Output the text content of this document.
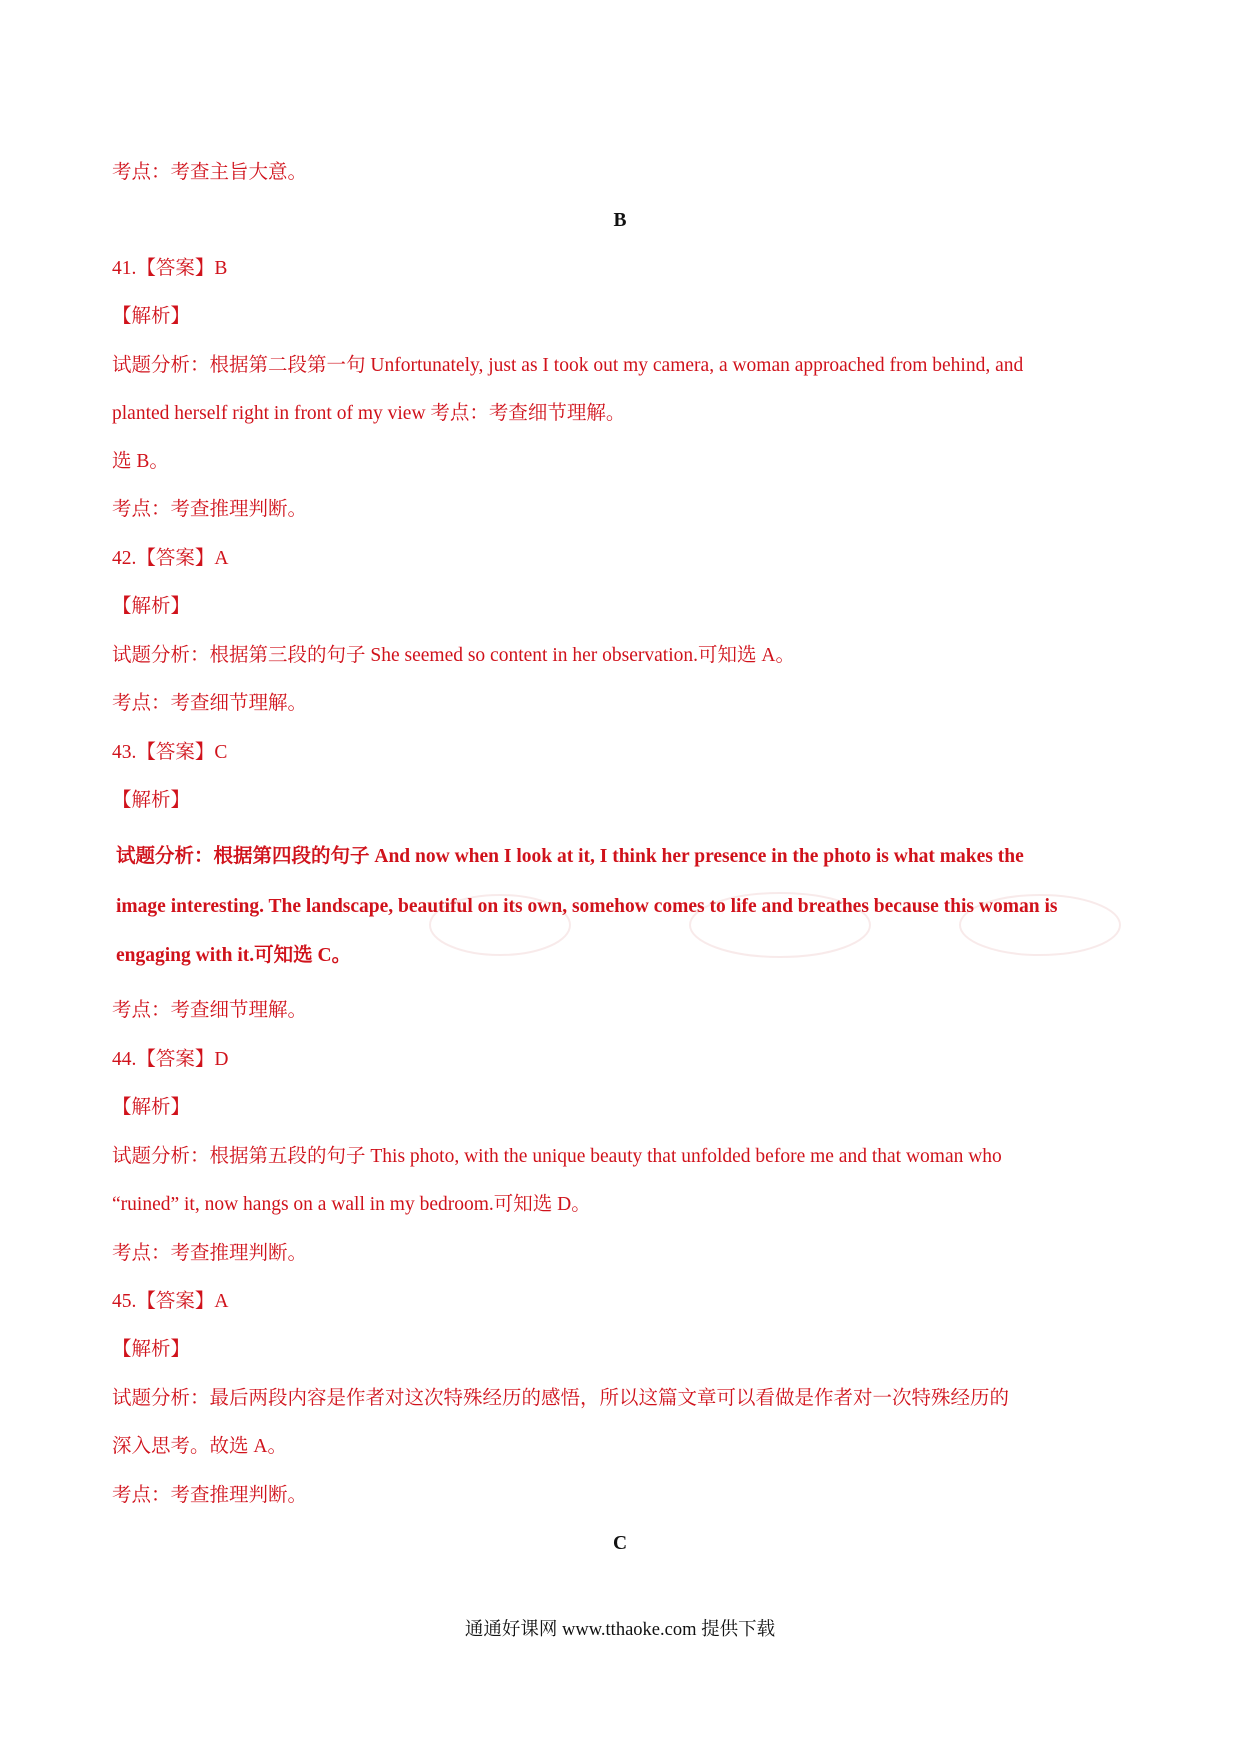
考点：考查主旨大意。
B
41.【答案】B
【解析】
试题分析：根据第二段第一句 Unfortunately, just as I took out my camera, a woman approached from behind, and
planted herself right in front of my view 考点：考查细节理解。
选 B。
考点：考查推理判断。
42.【答案】A
【解析】
试题分析：根据第三段的句子 She seemed so content in her observation.可知选 A。
考点：考查细节理解。
43.【答案】C
【解析】
试题分析：根据第四段的句子 And now when I look at it, I think her presence in the photo is what makes the
image interesting. The landscape, beautiful on its own, somehow comes to life and breathes because this woman is
engaging with it.可知选 C。
考点：考查细节理解。
44.【答案】D
【解析】
试题分析：根据第五段的句子 This photo, with the unique beauty that unfolded before me and that woman who
“ruined” it, now hangs on a wall in my bedroom.可知选 D。
考点：考查推理判断。
45.【答案】A
【解析】
试题分析：最后两段内容是作者对这次特殊经历的感悟，所以这篇文章可以看做是作者对一次特殊经历的
深入思考。故选 A。
考点：考查推理判断。
C
通通好课网 www.tthaoke.com 提供下载
